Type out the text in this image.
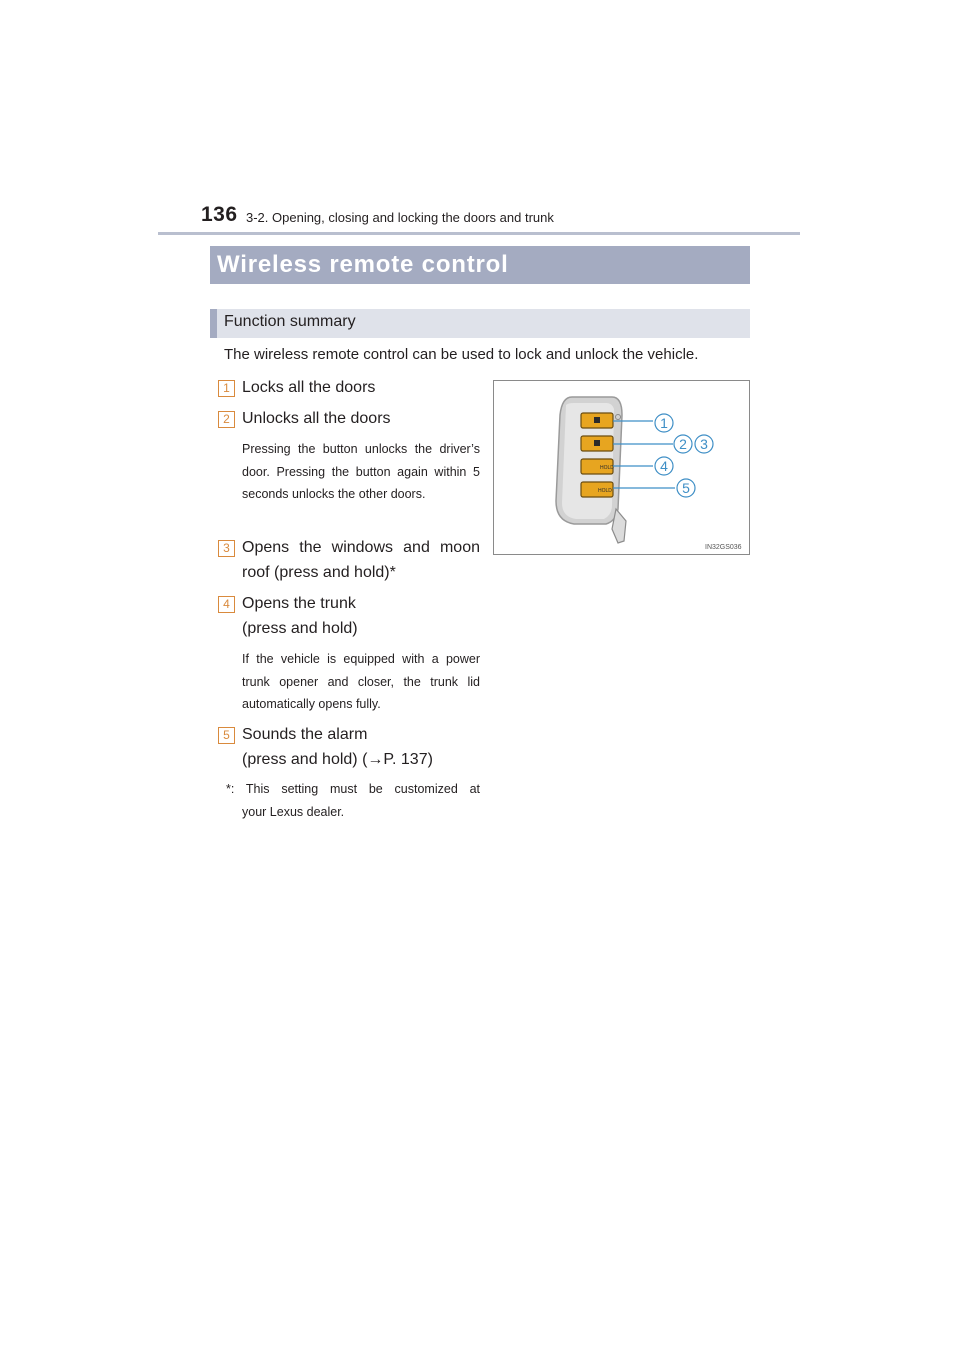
136 3-2. Opening, closing and locking the doors and trunk
Wireless remote control
Function summary
The wireless remote control can be used to lock and unlock the vehicle.
1 Locks all the doors
2 Unlocks all the doors
Pressing the button unlocks the driver’s door. Pressing the button again within 5 seconds unlocks the other doors.
3 Opens the windows and moon
roof (press and hold)*
4 Opens the trunk
(press and hold)
If the vehicle is equipped with a power trunk opener and closer, the trunk lid automatically opens fully.
5 Sounds the alarm
(press and hold) (→P. 137)
*: This setting must be customized at
your Lexus dealer.
HOLD
HOLD
1
2 3
4
5
IN32GS036
